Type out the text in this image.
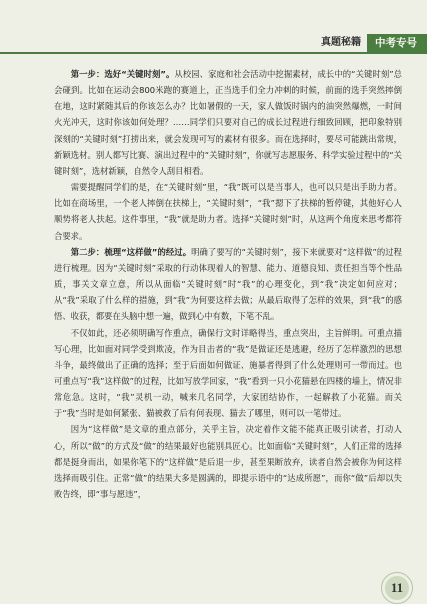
真题秘籍	中考专号

第一步：选好“关键时刻”。从校园、家庭和社会活动中挖掘素材，成长中的“关键时刻”总会碰到。比如在运动会800米跑的赛道上，正当选手们全力冲刺的时候，前面的选手突然摔倒在地，这时紧随其后的你该怎么办？比如暑假的一天，家人做饭时锅内的油突然爆燃，一时间火光冲天，这时你该如何处理？……同学们只要对自己的成长过程进行细致回顾，把印象特别深刻的“关键时刻”打捞出来，就会发现可写的素材有很多。而在选择时，要尽可能跳出常规，新颖选材。别人都写比赛、演出过程中的“关键时刻”，你就写志愿服务、科学实验过程中的“关键时刻”，选材新颖，自然令人刮目相看。

需要提醒同学们的是，在“关键时刻”里，“我”既可以是当事人，也可以只是出手助力者。比如在商场里，一个老人摔倒在扶梯上，“关键时刻”，“我”摁下了扶梯的暂停键，其他好心人顺势将老人扶起。这件事里，“我”就是助力者。选择“关键时刻”时，从这两个角度来思考都符合要求。

第二步：梳理“这样做”的经过。明确了要写的“关键时刻”，接下来就要对“这样做”的过程进行梳理。因为“关键时刻”采取的行动体现着人的智慧、能力、道德良知、责任担当等个性品质，事关文章立意，所以从面临“关键时刻”时“我”的心理变化，到“我”决定如何应对；从“我”采取了什么样的措施，到“我”为何要这样去做；从最后取得了怎样的效果，到“我”的感悟、收获，都要在头脑中想一遍，做到心中有数，下笔不乱。

不仅如此，还必须明确写作重点，确保行文时详略得当，重点突出，主旨鲜明。可重点描写心理，比如面对同学受到欺凌，作为目击者的“我”是做证还是逃避，经历了怎样激烈的思想斗争，最终做出了正确的选择；至于后面如何做证、施暴者得到了什么处理则可一带而过。也可重点写“我”这样做”的过程，比如写放学回家，“我”看到一只小花猫悬在四楼的墙上，情况非常危急。这时，“我”灵机一动，喊来几名同学，大家团结协作，一起解救了小花猫。而关于“我”当时是如何紧张、猫被救了后有何表现、猫去了哪里，则可以一笔带过。

因为“这样做”是文章的重点部分，关乎主旨，决定着作文能不能真正吸引读者，打动人心，所以“做”的方式及“做”的结果最好也能别具匠心。比如面临“关键时刻”，人们正常的选择都是挺身而出，如果你笔下的“这样做”是后退一步，甚至果断放弃，读者自然会被你为何这样选择而吸引住。正常“做”的结果大多是圆满的，即提示语中的“达成所愿”，而你“做”后却以失败告终，即“事与愿违”，

11
